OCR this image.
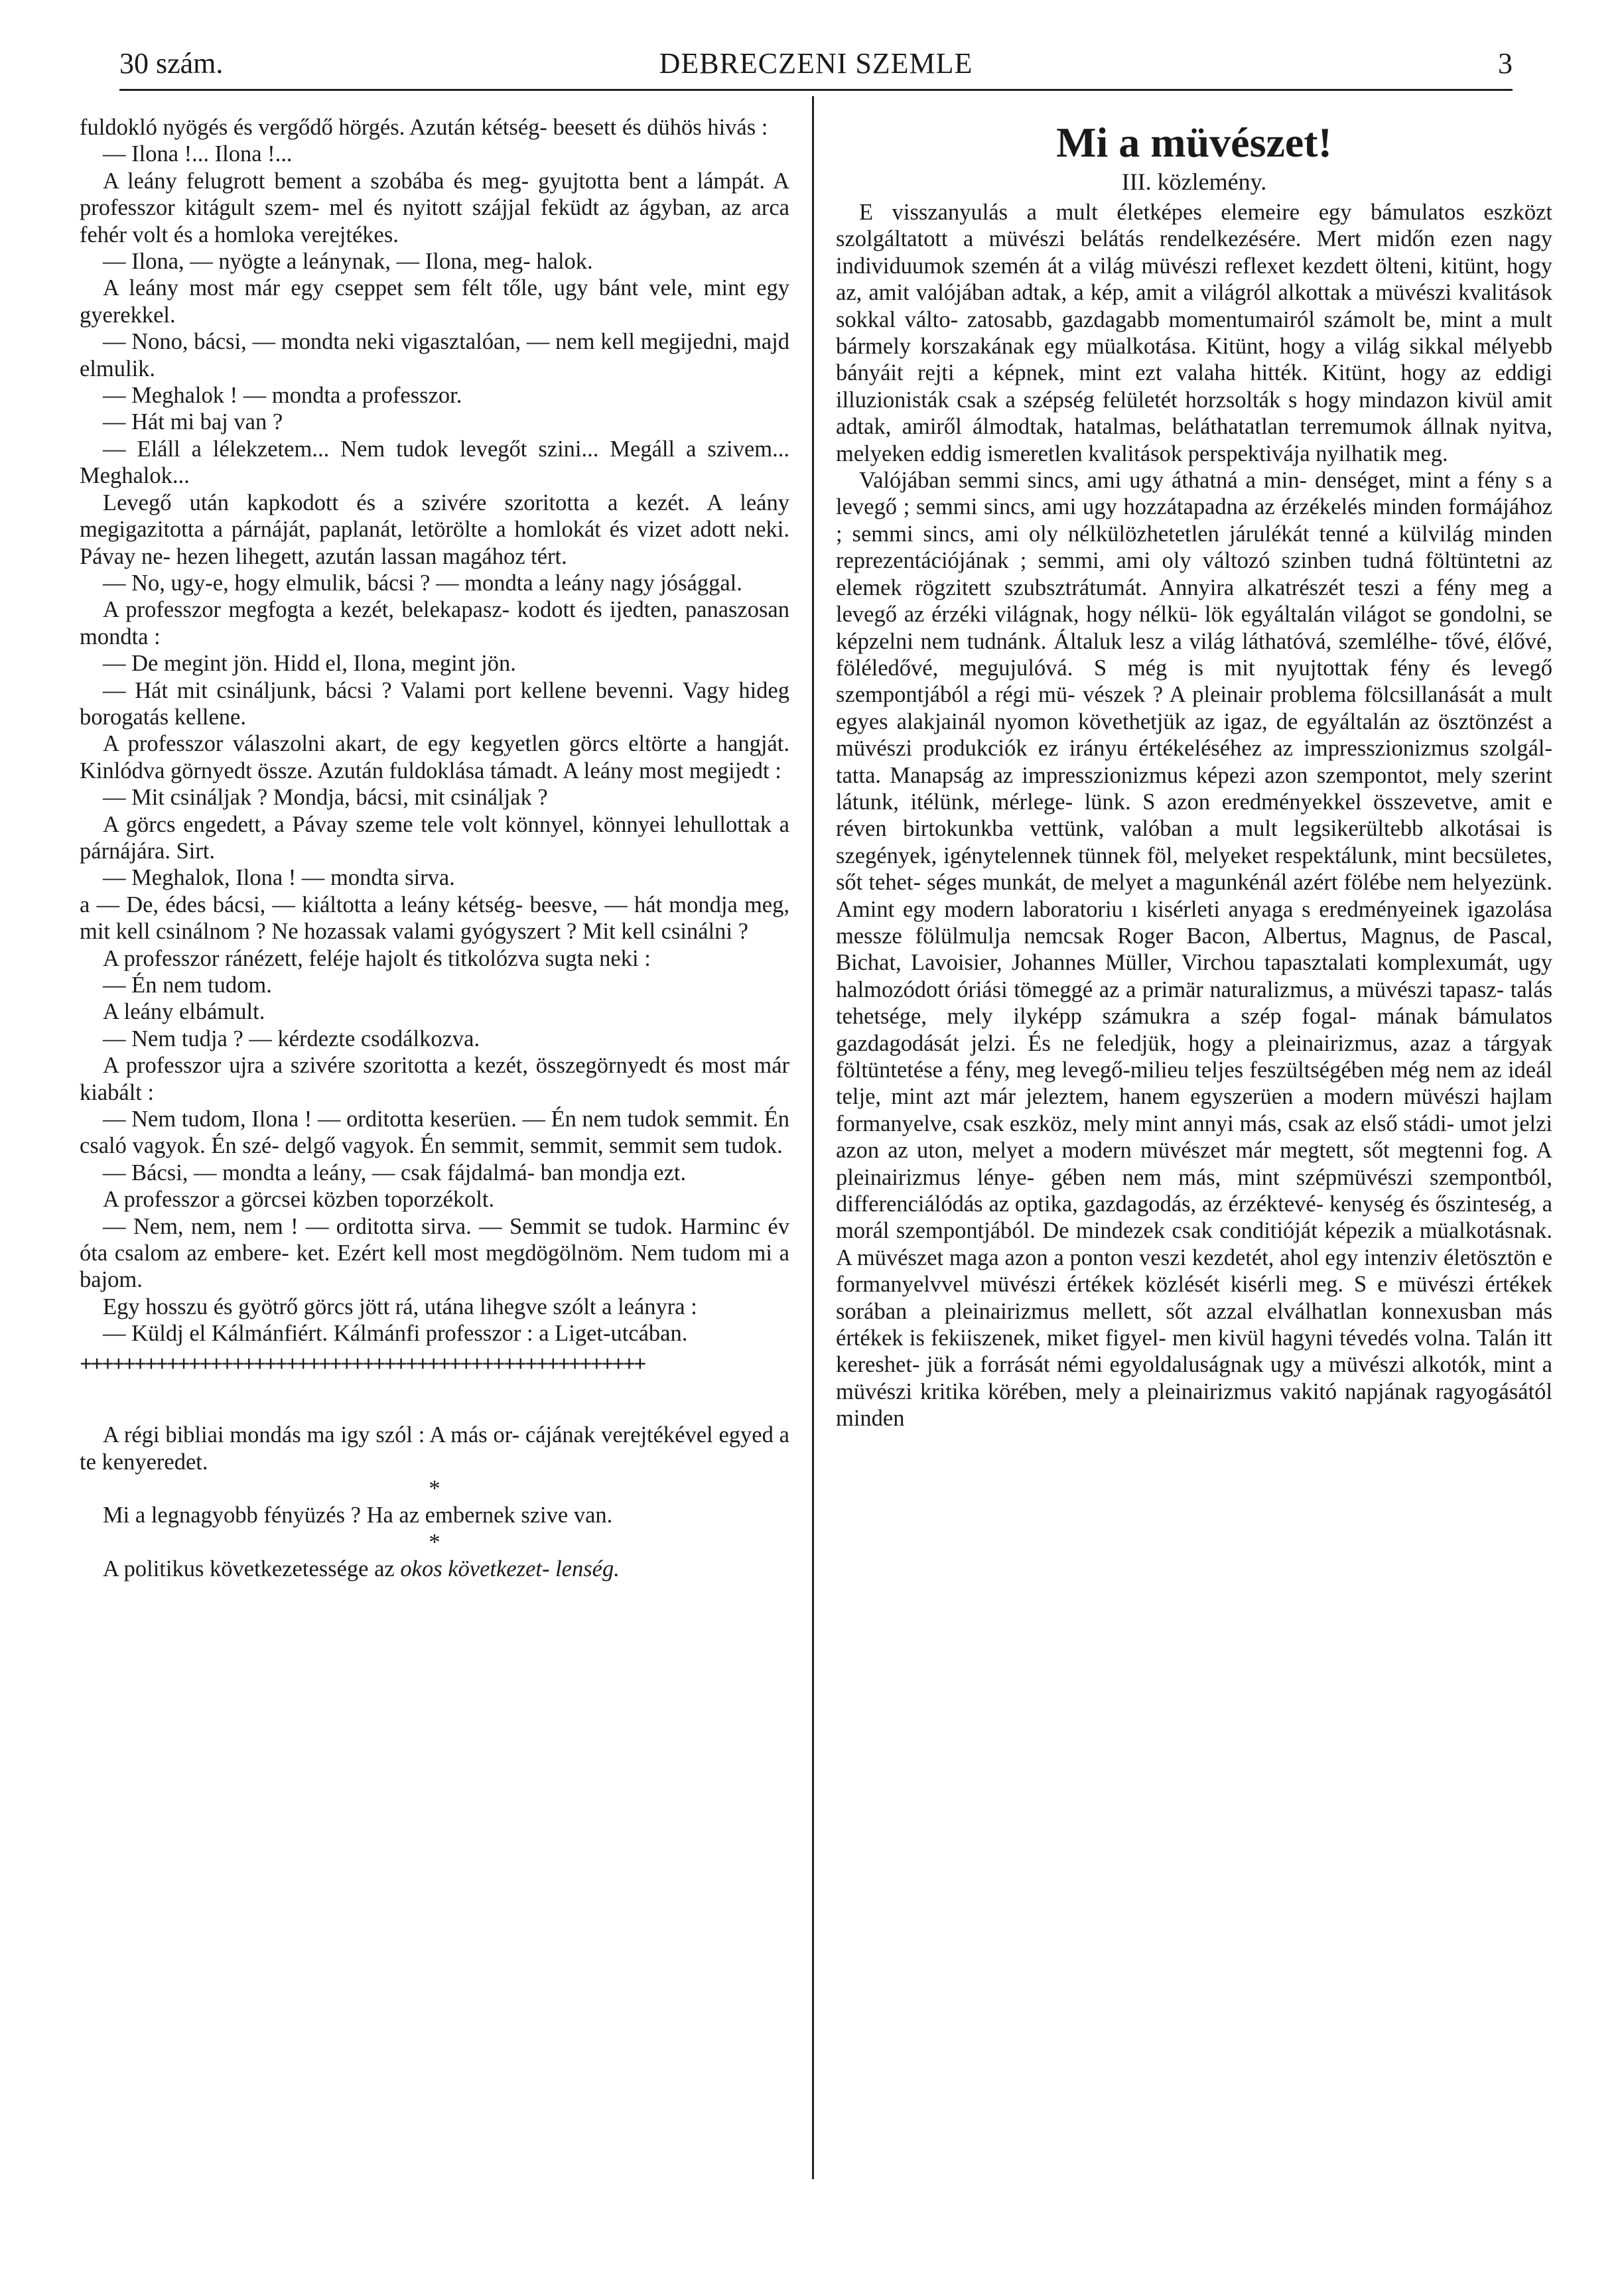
30 szám.	DEBRECZENI SZEMLE	3

fuldokló nyögés és vergődő hörgés. Azután kétség- beesett és dühös hivás :

— Ilona !... Ilona !...

A leány felugrott bement a szobába és meg- gyujtotta bent a lámpát. A professzor kitágult szem- mel és nyitott szájjal feküdt az ágyban, az arca fehér volt és a homloka verejtékes.

— Ilona, — nyögte a leánynak, — Ilona, meg- halok.

A leány most már egy cseppet sem félt tőle, ugy bánt vele, mint egy gyerekkel.

— Nono, bácsi, — mondta neki vigasztalóan, — nem kell megijedni, majd elmulik.

— Meghalok ! — mondta a professzor.

— Hát mi baj van ?

— Eláll a lélekzetem... Nem tudok levegőt szini... Megáll a szivem... Meghalok...

Levegő után kapkodott és a szivére szoritotta a kezét. A leány megigazitotta a párnáját, paplanát, letörölte a homlokát és vizet adott neki. Pávay ne- hezen lihegett, azután lassan magához tért.

— No, ugy-e, hogy elmulik, bácsi ? — mondta a leány nagy jósággal.

A professzor megfogta a kezét, belekapasz- kodott és ijedten, panaszosan mondta :

— De megint jön. Hidd el, Ilona, megint jön.

— Hát mit csináljunk, bácsi ? Valami port kellene bevenni. Vagy hideg borogatás kellene.

A professzor válaszolni akart, de egy kegyetlen görcs eltörte a hangját. Kinlódva görnyedt össze. Azután fuldoklása támadt. A leány most megijedt :

— Mit csináljak ? Mondja, bácsi, mit csináljak ?

A görcs engedett, a Pávay szeme tele volt könnyel, könnyei lehullottak a párnájára. Sirt.

— Meghalok, Ilona ! — mondta sirva.

a — De, édes bácsi, — kiáltotta a leány kétség- beesve, — hát mondja meg, mit kell csinálnom ? Ne hozassak valami gyógyszert ? Mit kell csinálni ?

A professzor ránézett, feléje hajolt és titkolózva sugta neki :

— Én nem tudom.

A leány elbámult.

— Nem tudja ? — kérdezte csodálkozva.

A professzor ujra a szivére szoritotta a kezét, összegörnyedt és most már kiabált :

— Nem tudom, Ilona ! — orditotta keserüen. — Én nem tudok semmit. Én csaló vagyok. Én szé- delgő vagyok. Én semmit, semmit, semmit sem tudok.

— Bácsi, — mondta a leány, — csak fájdalmá- ban mondja ezt.

A professzor a görcsei közben toporzékolt.

— Nem, nem, nem ! — orditotta sirva. — Semmit se tudok. Harminc év óta csalom az embere- ket. Ezért kell most megdögölnöm. Nem tudom mi a bajom.

Egy hosszu és gyötrő görcs jött rá, utána lihegve szólt a leányra :

— Küldj el Kálmánfiért. Kálmánfi professzor : a Liget-utcában.

++++++++++++++++++++++++++++++++++++++++++++++++++++

A régi bibliai mondás ma igy szól : A más or- cájának verejtékével egyed a te kenyeredet.

*

Mi a legnagyobb fényüzés ? Ha az embernek szive van.

*

A politikus következetessége az okos következet- lenség.

Mi a müvészet!
III. közlemény.

E visszanyulás a mult életképes elemeire egy bámulatos eszközt szolgáltatott a müvészi belátás rendelkezésére. Mert midőn ezen nagy individuumok szemén át a világ müvészi reflexet kezdett ölteni, kitünt, hogy az, amit valójában adtak, a kép, amit a világról alkottak a müvészi kvalitások sokkal válto- zatosabb, gazdagabb momentumairól számolt be, mint a mult bármely korszakának egy müalkotása. Kitünt, hogy a világ sikkal mélyebb bányáit rejti a képnek, mint ezt valaha hitték. Kitünt, hogy az eddigi illuzionisták csak a szépség felületét horzsolták s hogy mindazon kivül amit adtak, amiről álmodtak, hatalmas, beláthatatlan terremumok állnak nyitva, melyeken eddig ismeretlen kvalitások perspektivája nyilhatik meg.

Valójában semmi sincs, ami ugy áthatná a min- denséget, mint a fény s a levegő ; semmi sincs, ami ugy hozzátapadna az érzékelés minden formájához ; semmi sincs, ami oly nélkülözhetetlen járulékát tenné a külvilág minden reprezentációjának ; semmi, ami oly változó szinben tudná föltüntetni az elemek rögzitett szubsztrátumát. Annyira alkatrészét teszi a fény meg a levegő az érzéki világnak, hogy nélkü- lök egyáltalán világot se gondolni, se képzelni nem tudnánk. Általuk lesz a világ láthatóvá, szemlélhe- tővé, élővé, föléledővé, megujulóvá. S még is mit nyujtottak fény és levegő szempontjából a régi mü- vészek ? A pleinair problema fölcsillanását a mult egyes alakjainál nyomon követhetjük az igaz, de egyáltalán az ösztönzést a müvészi produkciók ez irányu értékeléséhez az impresszionizmus szolgál- tatta. Manapság az impresszionizmus képezi azon szempontot, mely szerint látunk, itélünk, mérlege- lünk. S azon eredményekkel összevetve, amit e réven birtokunkba vettünk, valóban a mult legsikerültebb alkotásai is szegények, igénytelennek tünnek föl, melyeket respektálunk, mint becsületes, sőt tehet- séges munkát, de melyet a magunkénál azért fölébe nem helyezünk. Amint egy modern laboratoriu ı kisérleti anyaga s eredményeinek igazolása messze fölülmulja nemcsak Roger Bacon, Albertus, Magnus, de Pascal, Bichat, Lavoisier, Johannes Müller, Virchou tapasztalati komplexumát, ugy halmozódott óriási tömeggé az a primär naturalizmus, a müvészi tapasz- talás tehetsége, mely ilyképp számukra a szép fogal- mának bámulatos gazdagodását jelzi. És ne feledjük, hogy a pleinairizmus, azaz a tárgyak föltüntetése a fény, meg levegő-milieu teljes feszültségében még nem az ideál telje, mint azt már jeleztem, hanem egyszerüen a modern müvészi hajlam formanyelve, csak eszköz, mely mint annyi más, csak az első stádi- umot jelzi azon az uton, melyet a modern müvészet már megtett, sőt megtenni fog. A pleinairizmus lénye- gében nem más, mint szépmüvészi szempontból, differenciálódás az optika, gazdagodás, az érzéktevé- kenység és őszinteség, a morál szempontjából. De mindezek csak conditióját képezik a müalkotásnak. A müvészet maga azon a ponton veszi kezdetét, ahol egy intenziv életösztön e formanyelvvel müvészi értékek közlését kisérli meg. S e müvészi értékek sorában a pleinairizmus mellett, sőt azzal elválhatlan konnexusban más értékek is fekiiszenek, miket figyel- men kivül hagyni tévedés volna. Talán itt kereshet- jük a forrását némi egyoldaluságnak ugy a müvészi alkotók, mint a müvészi kritika körében, mely a pleinairizmus vakitó napjának ragyogásától minden
